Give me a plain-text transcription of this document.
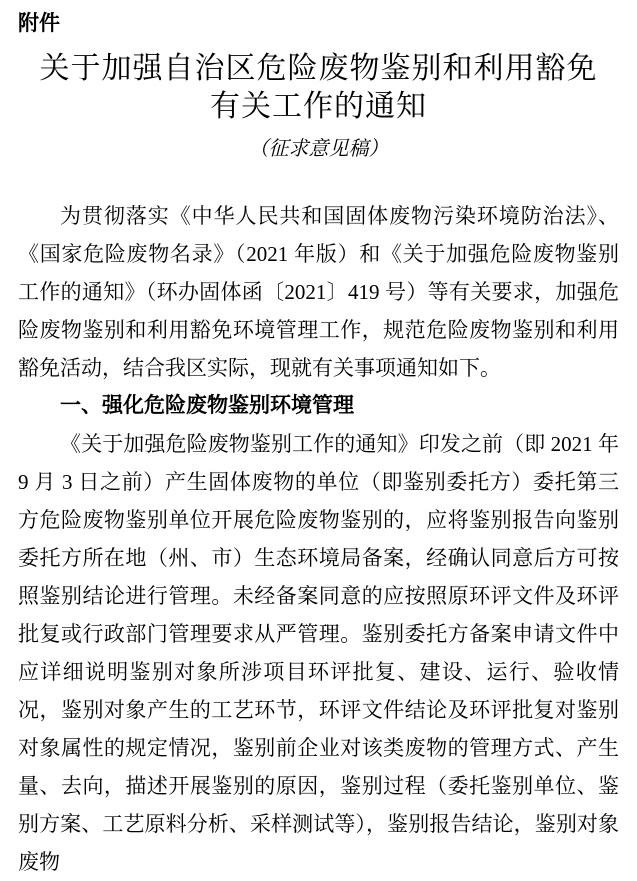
附件
关于加强自治区危险废物鉴别和利用豁免
有关工作的通知
（征求意见稿）

为贯彻落实《中华人民共和国固体废物污染环境防治法》、《国家危险废物名录》（2021 年版）和《关于加强危险废物鉴别工作的通知》（环办固体函〔2021〕419 号）等有关要求，加强危险废物鉴别和利用豁免环境管理工作，规范危险废物鉴别和利用豁免活动，结合我区实际，现就有关事项通知如下。

一、强化危险废物鉴别环境管理

《关于加强危险废物鉴别工作的通知》印发之前（即 2021 年 9 月 3 日之前）产生固体废物的单位（即鉴别委托方）委托第三方危险废物鉴别单位开展危险废物鉴别的，应将鉴别报告向鉴别委托方所在地（州、市）生态环境局备案，经确认同意后方可按照鉴别结论进行管理。未经备案同意的应按照原环评文件及环评批复或行政部门管理要求从严管理。鉴别委托方备案申请文件中应详细说明鉴别对象所涉项目环评批复、建设、运行、验收情况，鉴别对象产生的工艺环节，环评文件结论及环评批复对鉴别对象属性的规定情况，鉴别前企业对该类废物的管理方式、产生量、去向，描述开展鉴别的原因，鉴别过程（委托鉴别单位、鉴别方案、工艺原料分析、采样测试等），鉴别报告结论，鉴别对象废物
